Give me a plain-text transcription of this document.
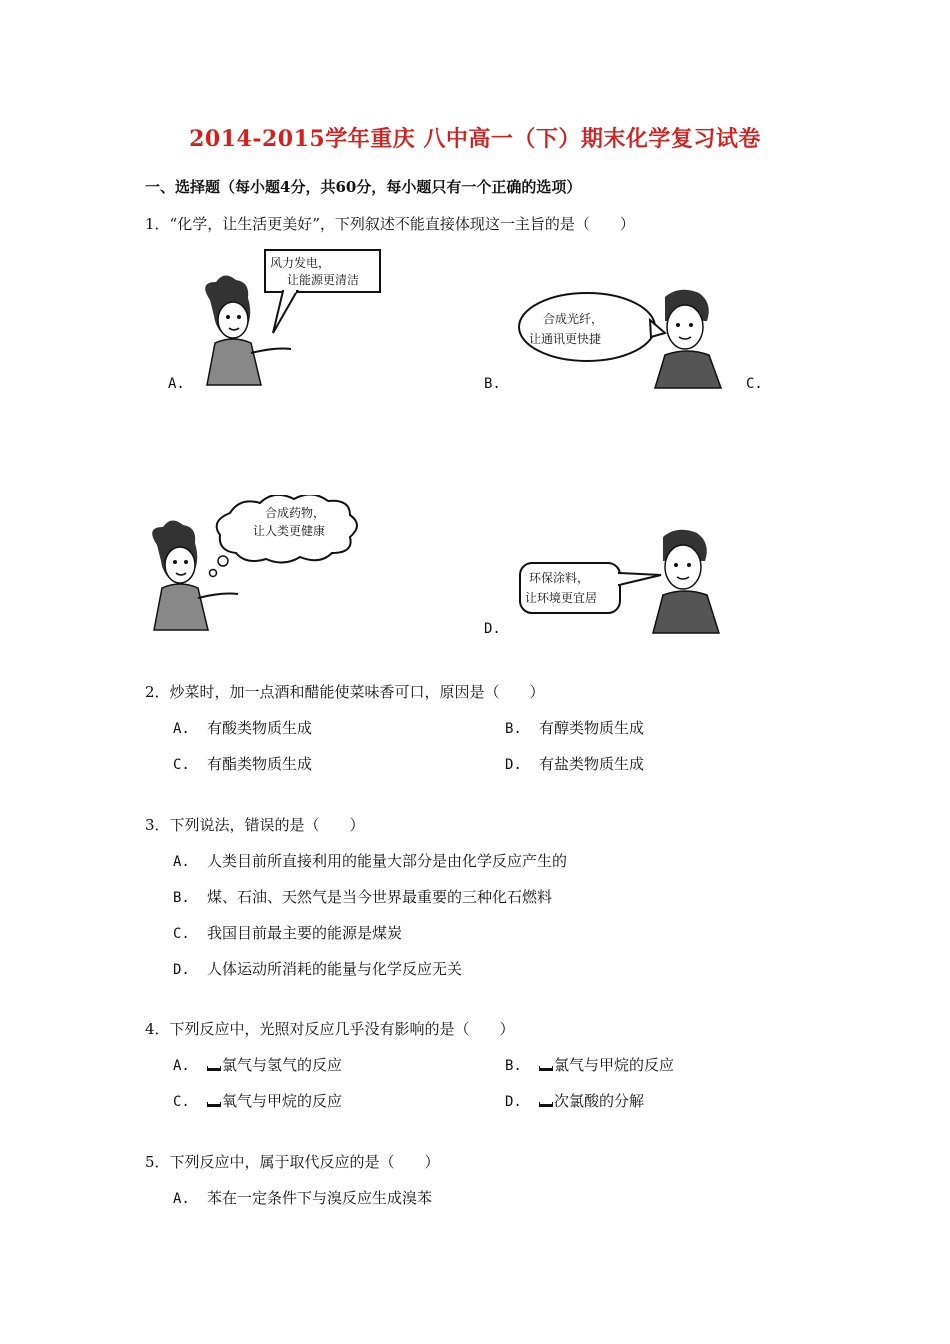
2014-2015学年重庆 八中高一（下）期末化学复习试卷
一、选择题（每小题4分，共60分，每小题只有一个正确的选项）
1．“化学，让生活更美好”，下列叙述不能直接体现这一主旨的是（　　）
风力发电，
让能源更清洁
A.
合成光纤，
让通讯更快捷
B.	C.
合成药物，
让人类更健康
环保涂料，
让环境更宜居
D.
2．炒菜时，加一点酒和醋能使菜味香可口，原因是（　　）
A. 有酸类物质生成	B. 有醇类物质生成
C. 有酯类物质生成	D. 有盐类物质生成
3．下列说法，错误的是（　　）
A. 人类目前所直接利用的能量大部分是由化学反应产生的
B. 煤、石油、天然气是当今世界最重要的三种化石燃料
C. 我国目前最主要的能源是煤炭
D. 人体运动所消耗的能量与化学反应无关
4．下列反应中，光照对反应几乎没有影响的是（　　）
A. 氯气与氢气的反应	B. 氯气与甲烷的反应
C. 氧气与甲烷的反应	D. 次氯酸的分解
5．下列反应中，属于取代反应的是（　　）
A. 苯在一定条件下与溴反应生成溴苯
